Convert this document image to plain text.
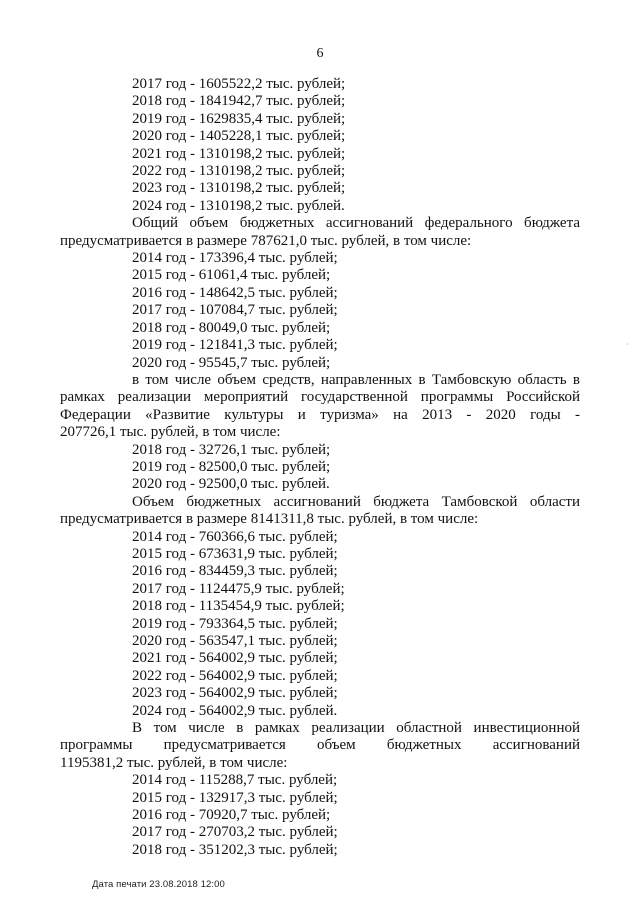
6
2017 год - 1605522,2 тыс. рублей;
2018 год - 1841942,7 тыс. рублей;
2019 год - 1629835,4 тыс. рублей;
2020 год - 1405228,1 тыс. рублей;
2021 год - 1310198,2 тыс. рублей;
2022 год - 1310198,2 тыс. рублей;
2023 год - 1310198,2 тыс. рублей;
2024 год - 1310198,2 тыс. рублей.
Общий объем бюджетных ассигнований федерального бюджета
предусматривается в размере 787621,0 тыс. рублей, в том числе:
2014 год - 173396,4 тыс. рублей;
2015 год - 61061,4 тыс. рублей;
2016 год - 148642,5 тыс. рублей;
2017 год - 107084,7 тыс. рублей;
2018 год - 80049,0 тыс. рублей;
2019 год - 121841,3 тыс. рублей;
2020 год - 95545,7 тыс. рублей;
в том числе объем средств, направленных в Тамбовскую область в
рамках реализации мероприятий государственной программы Российской
Федерации «Развитие культуры и туризма» на 2013 - 2020 годы -
207726,1 тыс. рублей, в том числе:
2018 год - 32726,1 тыс. рублей;
2019 год - 82500,0 тыс. рублей;
2020 год - 92500,0 тыс. рублей.
Объем бюджетных ассигнований бюджета Тамбовской области
предусматривается в размере 8141311,8 тыс. рублей, в том числе:
2014 год - 760366,6 тыс. рублей;
2015 год - 673631,9 тыс. рублей;
2016 год - 834459,3 тыс. рублей;
2017 год - 1124475,9 тыс. рублей;
2018 год - 1135454,9 тыс. рублей;
2019 год - 793364,5 тыс. рублей;
2020 год - 563547,1 тыс. рублей;
2021 год - 564002,9 тыс. рублей;
2022 год - 564002,9 тыс. рублей;
2023 год - 564002,9 тыс. рублей;
2024 год - 564002,9 тыс. рублей.
В том числе в рамках реализации областной инвестиционной
программы предусматривается объем бюджетных ассигнований
1195381,2 тыс. рублей, в том числе:
2014 год - 115288,7 тыс. рублей;
2015 год - 132917,3 тыс. рублей;
2016 год - 70920,7 тыс. рублей;
2017 год - 270703,2 тыс. рублей;
2018 год - 351202,3 тыс. рублей;
·
Дата печати 23.08.2018 12:00
